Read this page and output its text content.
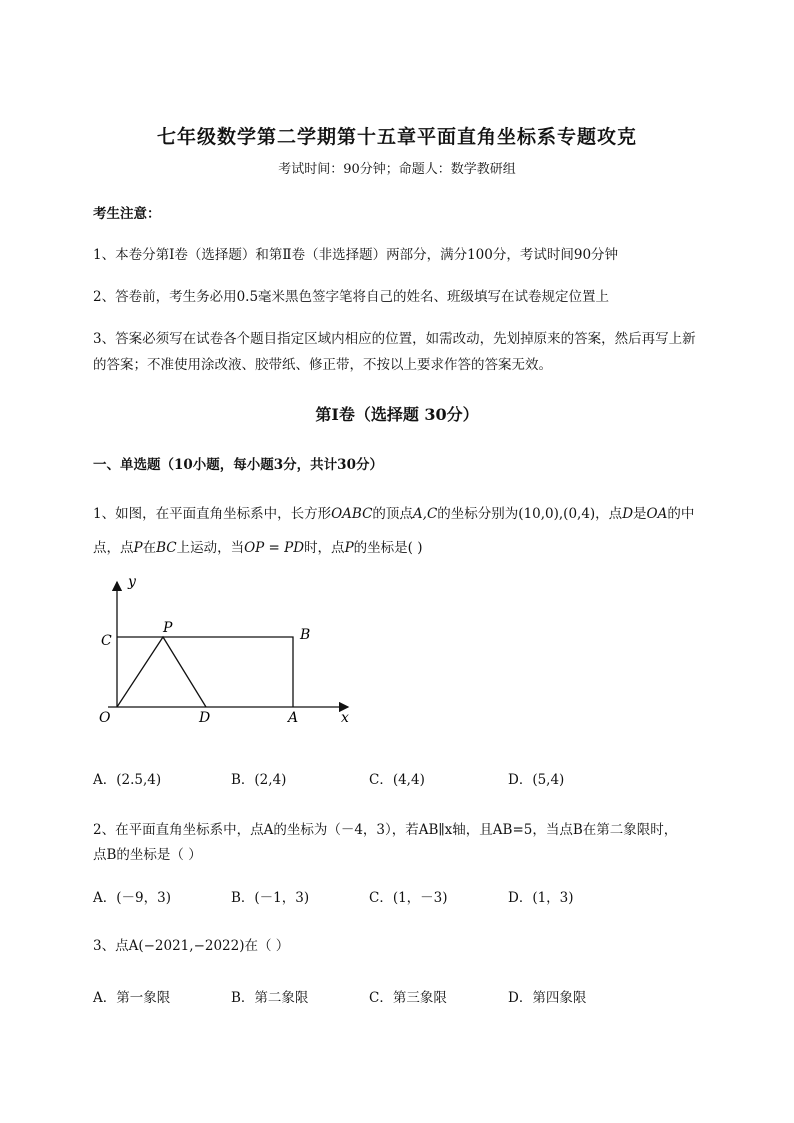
七年级数学第二学期第十五章平面直角坐标系专题攻克
考试时间：90分钟；命题人：数学教研组
考生注意：
1、本卷分第I卷（选择题）和第Ⅱ卷（非选择题）两部分，满分100分，考试时间90分钟
2、答卷前，考生务必用0.5毫米黑色签字笔将自己的姓名、班级填写在试卷规定位置上
3、答案必须写在试卷各个题目指定区域内相应的位置，如需改动，先划掉原来的答案，然后再写上新
的答案；不准使用涂改液、胶带纸、修正带，不按以上要求作答的答案无效。
第I卷（选择题 30分）
一、单选题（10小题，每小题3分，共计30分）
1、如图，在平面直角坐标系中，长方形OABC的顶点A,C的坐标分别为(10,0),(0,4)，点D是OA的中
点，点P在BC上运动，当OP = PD时，点P的坐标是( )
y
x
C
P	B
O	D	A
A．(2.5,4)	B．(2,4)	C．(4,4)	D．(5,4)
2、在平面直角坐标系中，点A的坐标为（－4，3），若AB∥x轴，且AB=5，当点B在第二象限时，
点B的坐标是（ ）
A．(－9，3)	B．(－1，3)	C．(1，－3)	D．(1，3)
3、点A(−2021,−2022)在（ ）
A．第一象限	B．第二象限	C．第三象限	D．第四象限
